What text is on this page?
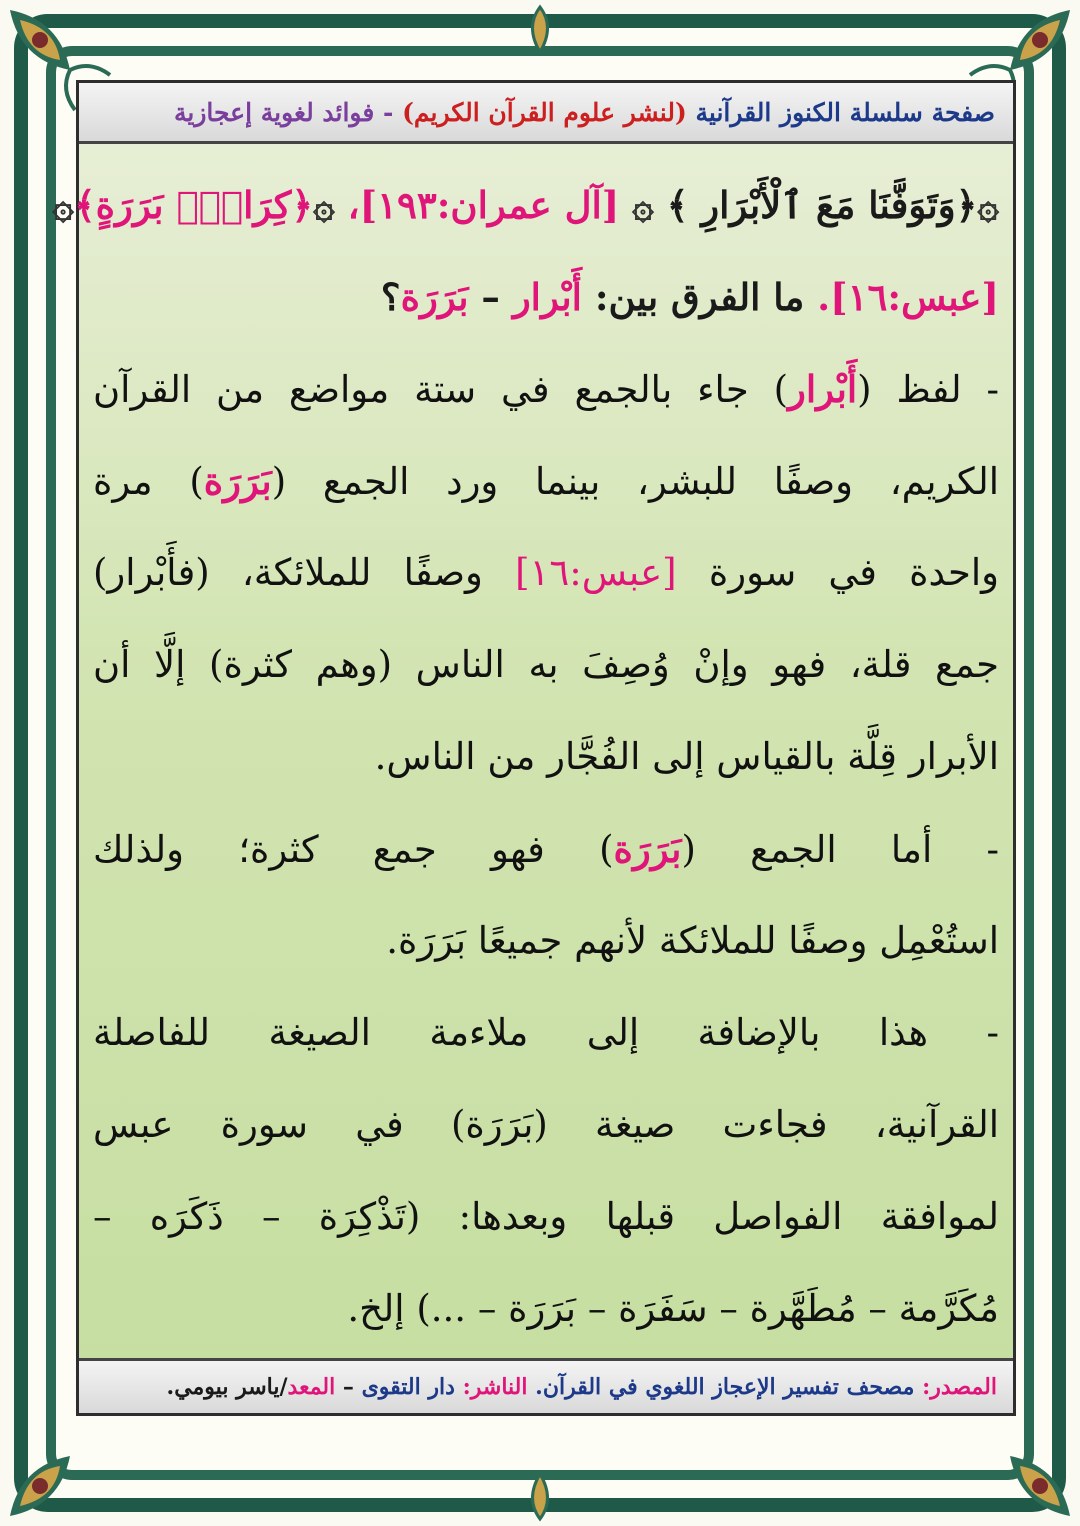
صفحة سلسلة الكنوز القرآنية

(لنشر علوم القرآن الكريم)

- فوائد لغوية إعجازية
۞﴿وَتَوَفَّنَا مَعَ ٱلْأَبْرَارِ ﴾ ۞ [آل عمران:١٩٣]، ۞﴿كِرَامِۭ بَرَرَةٍ﴾۞
[عبس:١٦]. ما الفرق بين: أَبْرار – بَرَرَة؟
- لفظ (أَبْرار) جاء بالجمع في ستة مواضع من القرآن
الكريم، وصفًا للبشر، بينما ورد الجمع (بَرَرَة) مرة
واحدة في سورة [عبس:١٦] وصفًا للملائكة، (فأَبْرار)
جمع قلة، فهو وإنْ وُصِفَ به الناس (وهم كثرة) إلَّا أن
الأبرار قِلَّة بالقياس إلى الفُجَّار من الناس.
- أما الجمع (بَرَرَة) فهو جمع كثرة؛ ولذلك
استُعْمِل وصفًا للملائكة لأنهم جميعًا بَرَرَة.
- هذا بالإضافة إلى ملاءمة الصيغة للفاصلة
القرآنية، فجاءت صيغة (بَرَرَة) في سورة عبس
لموافقة الفواصل قبلها وبعدها: (تَذْكِرَة – ذَكَرَه –
مُكَرَّمة – مُطَهَّرة – سَفَرَة – بَرَرَة – ...) إلخ.
المصدر:

مصحف تفسير الإعجاز اللغوي في القرآن.

الناشر:

دار التقوى

–

المعد
/ياسر بيومي.
